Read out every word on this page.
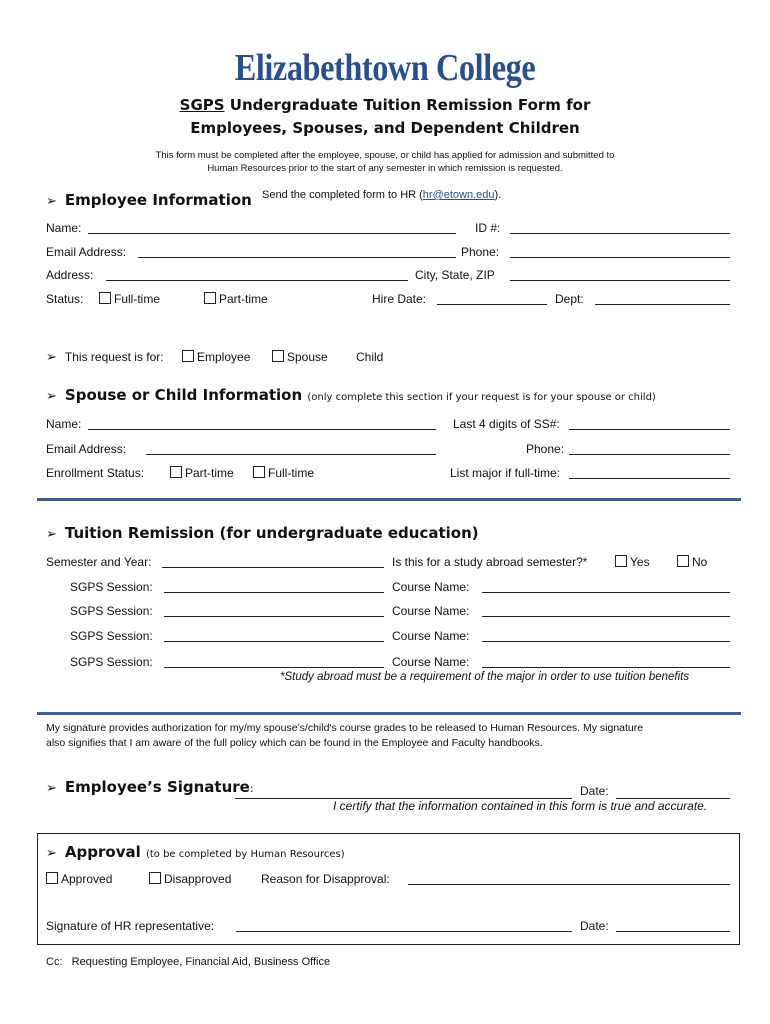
Elizabethtown College
SGPS Undergraduate Tuition Remission Form for
Employees, Spouses, and Dependent Children
This form must be completed after the employee, spouse, or child has applied for admission and submitted to
Human Resources prior to the start of any semester in which remission is requested.
➢ Employee Information Send the completed form to HR (hr@etown.edu).
Name:	ID #:
Email Address:	Phone:
Address:	City, State, ZIP
Status:	Full-time	Part-time	Hire Date:	Dept:
➢ This request is for:	Employee	Spouse Child
➢ Spouse or Child Information (only complete this section if your request is for your spouse or child)
Name:	Last 4 digits of SS#:
Email Address:	Phone:
Enrollment Status:	Part-time	Full-time	List major if full-time:
➢ Tuition Remission (for undergraduate education)
Semester and Year:	Is this for a study abroad semester?*	Yes	No
SGPS Session:	Course Name:
SGPS Session:	Course Name:
SGPS Session:	Course Name:
SGPS Session:	Course Name:
*Study abroad must be a requirement of the major in order to use tuition benefits
My signature provides authorization for my/my spouse’s/child's course grades to be released to Human Resources. My signature
also signifies that I am aware of the full policy which can be found in the Employee and Faculty handbooks.
➢ Employee’s Signature:	Date:
I certify that the information contained in this form is true and accurate.
➢ Approval (to be completed by Human Resources)
Approved	Disapproved Reason for Disapproval:
Signature of HR representative:	Date:
Cc:   Requesting Employee, Financial Aid, Business Office
